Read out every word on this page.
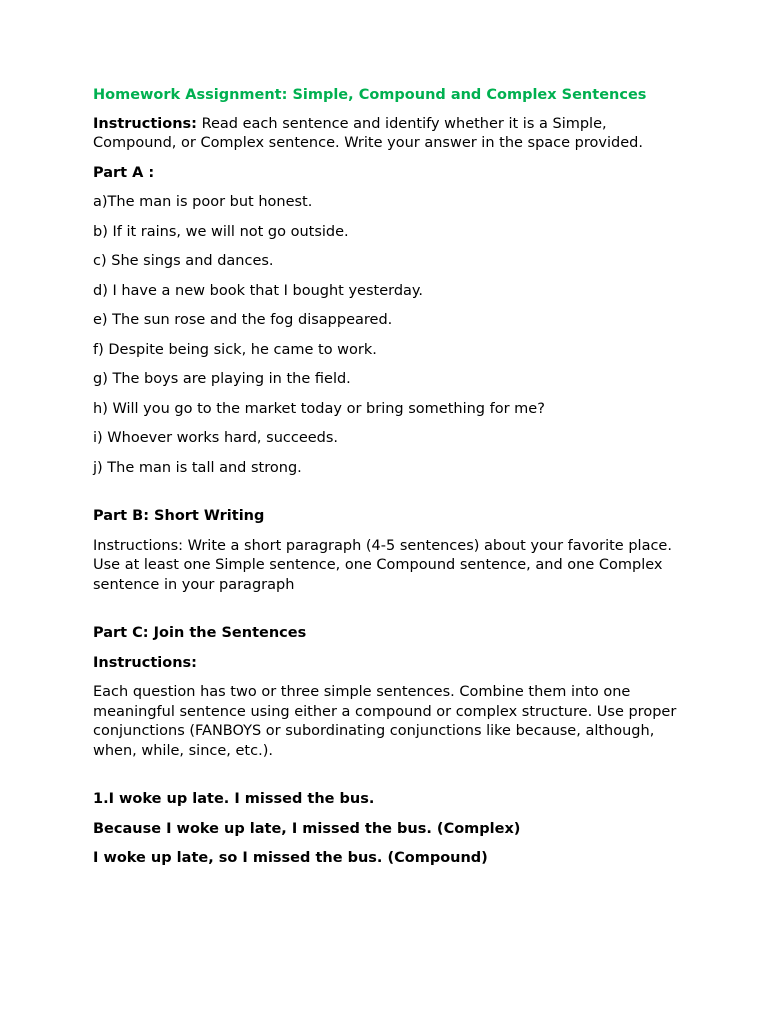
Homework Assignment: Simple, Compound and Complex Sentences
Instructions: Read each sentence and identify whether it is a Simple, Compound, or Complex sentence. Write your answer in the space provided.
Part A :
a)The man is poor but honest.
b) If it rains, we will not go outside.
c) She sings and dances.
d) I have a new book that I bought yesterday.
e) The sun rose and the fog disappeared.
f) Despite being sick, he came to work.
g) The boys are playing in the field.
h) Will you go to the market today or bring something for me?
i) Whoever works hard, succeeds.
j) The man is tall and strong.
Part B: Short Writing
Instructions: Write a short paragraph (4-5 sentences) about your favorite place. Use at least one Simple sentence, one Compound sentence, and one Complex sentence in your paragraph
Part C: Join the Sentences
Instructions:
Each question has two or three simple sentences. Combine them into one meaningful sentence using either a compound or complex structure. Use proper conjunctions (FANBOYS or subordinating conjunctions like because, although, when, while, since, etc.).
1.I woke up late. I missed the bus.
Because I woke up late, I missed the bus. (Complex)
I woke up late, so I missed the bus. (Compound)
